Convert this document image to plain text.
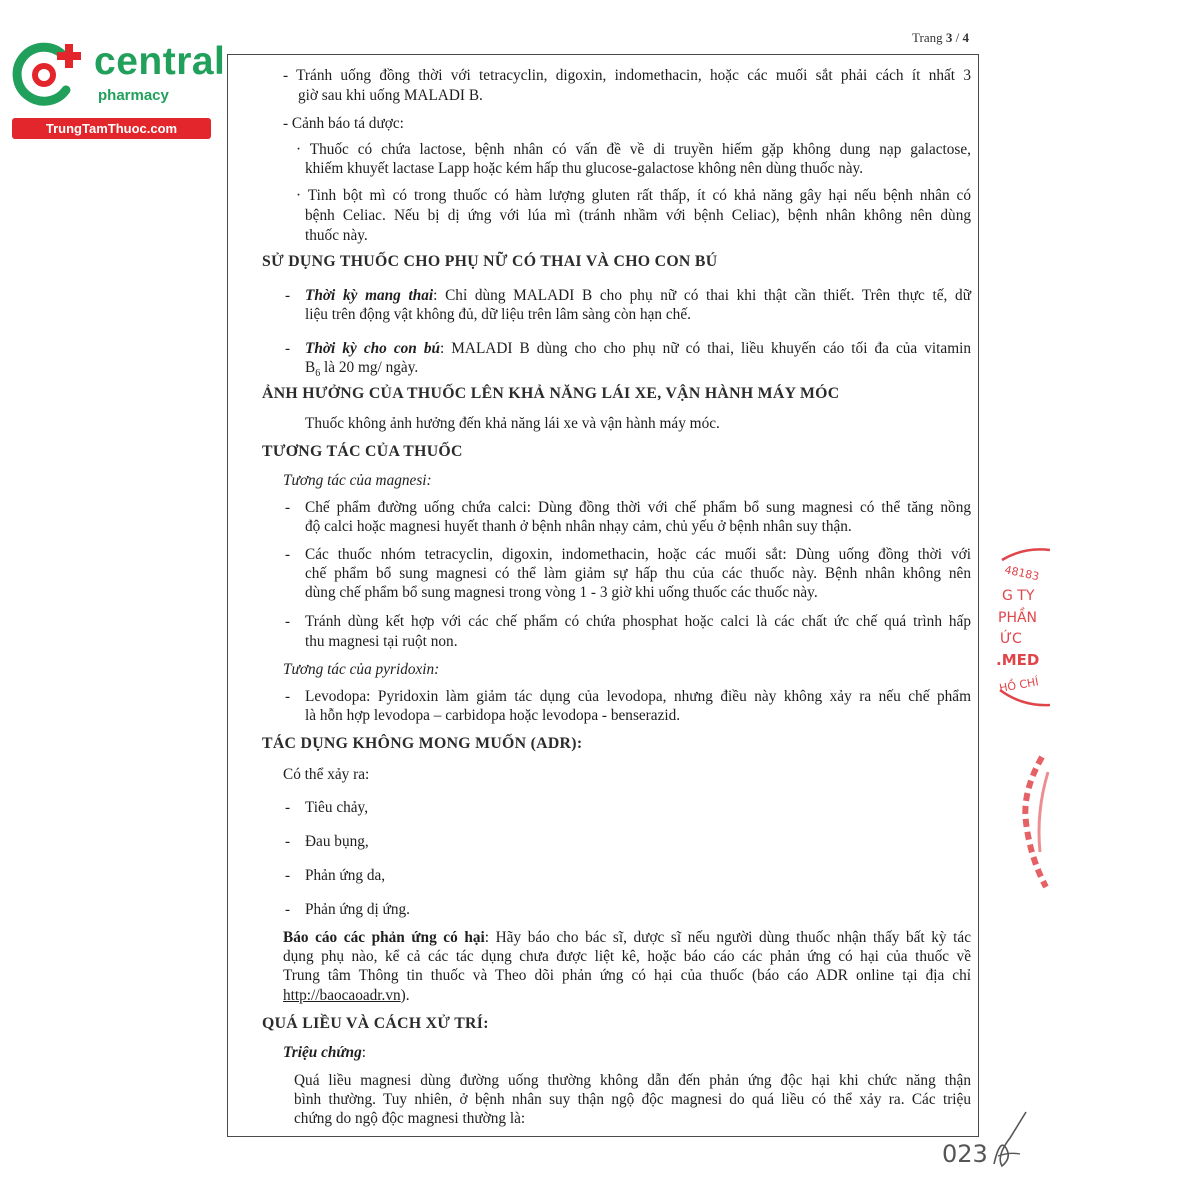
central
pharmacy
TrungTamThuoc.com
Trang 3 / 4
- Tránh uống đồng thời với tetracyclin, digoxin, indomethacin, hoặc các muối sắt phải cách ít nhất 3
giờ sau khi uống MALADI B.
- Cảnh báo tá dược:
· Thuốc có chứa lactose, bệnh nhân có vấn đề về di truyền hiếm gặp không dung nạp galactose,
khiếm khuyết lactase Lapp hoặc kém hấp thu glucose-galactose không nên dùng thuốc này.
· Tinh bột mì có trong thuốc có hàm lượng gluten rất thấp, ít có khả năng gây hại nếu bệnh nhân có
bệnh Celiac. Nếu bị dị ứng với lúa mì (tránh nhầm với bệnh Celiac), bệnh nhân không nên dùng
thuốc này.
SỬ DỤNG THUỐC CHO PHỤ NỮ CÓ THAI VÀ CHO CON BÚ
- Thời kỳ mang thai: Chỉ dùng MALADI B cho phụ nữ có thai khi thật cần thiết. Trên thực tế, dữ
liệu trên động vật không đủ, dữ liệu trên lâm sàng còn hạn chế.
- Thời kỳ cho con bú: MALADI B dùng cho cho phụ nữ có thai, liều khuyến cáo tối đa của vitamin
$B_6$ là 20 mg/ ngày.
ẢNH HƯỞNG CỦA THUỐC LÊN KHẢ NĂNG LÁI XE, VẬN HÀNH MÁY MÓC
Thuốc không ảnh hưởng đến khả năng lái xe và vận hành máy móc.
TƯƠNG TÁC CỦA THUỐC
Tương tác của magnesi:
- Chế phẩm đường uống chứa calci: Dùng đồng thời với chế phẩm bổ sung magnesi có thể tăng nồng
độ calci hoặc magnesi huyết thanh ở bệnh nhân nhạy cảm, chủ yếu ở bệnh nhân suy thận.
- Các thuốc nhóm tetracyclin, digoxin, indomethacin, hoặc các muối sắt: Dùng uống đồng thời với
chế phẩm bổ sung magnesi có thể làm giảm sự hấp thu của các thuốc này. Bệnh nhân không nên
dùng chế phẩm bổ sung magnesi trong vòng 1 - 3 giờ khi uống thuốc các thuốc này.
- Tránh dùng kết hợp với các chế phẩm có chứa phosphat hoặc calci là các chất ức chế quá trình hấp
thu magnesi tại ruột non.
Tương tác của pyridoxin:
- Levodopa: Pyridoxin làm giảm tác dụng của levodopa, nhưng điều này không xảy ra nếu chế phẩm
là hỗn hợp levodopa – carbidopa hoặc levodopa - benserazid.
TÁC DỤNG KHÔNG MONG MUỐN (ADR):
Có thể xảy ra:
- Tiêu chảy,
- Đau bụng,
- Phản ứng da,
- Phản ứng dị ứng.
Báo cáo các phản ứng có hại: Hãy báo cho bác sĩ, dược sĩ nếu người dùng thuốc nhận thấy bất kỳ tác
dụng phụ nào, kể cả các tác dụng chưa được liệt kê, hoặc báo cáo các phản ứng có hại của thuốc về
Trung tâm Thông tin thuốc và Theo dõi phản ứng có hại của thuốc (báo cáo ADR online tại địa chỉ
http://baocaoadr.vn).
QUÁ LIỀU VÀ CÁCH XỬ TRÍ:
Triệu chứng:
Quá liều magnesi dùng đường uống thường không dẫn đến phản ứng độc hại khi chức năng thận
bình thường. Tuy nhiên, ở bệnh nhân suy thận ngộ độc magnesi do quá liều có thể xảy ra. Các triệu
chứng do ngộ độc magnesi thường là:
48183
G TY
PHẦN
ỨC
.MED
HỒ CHÍ
023
